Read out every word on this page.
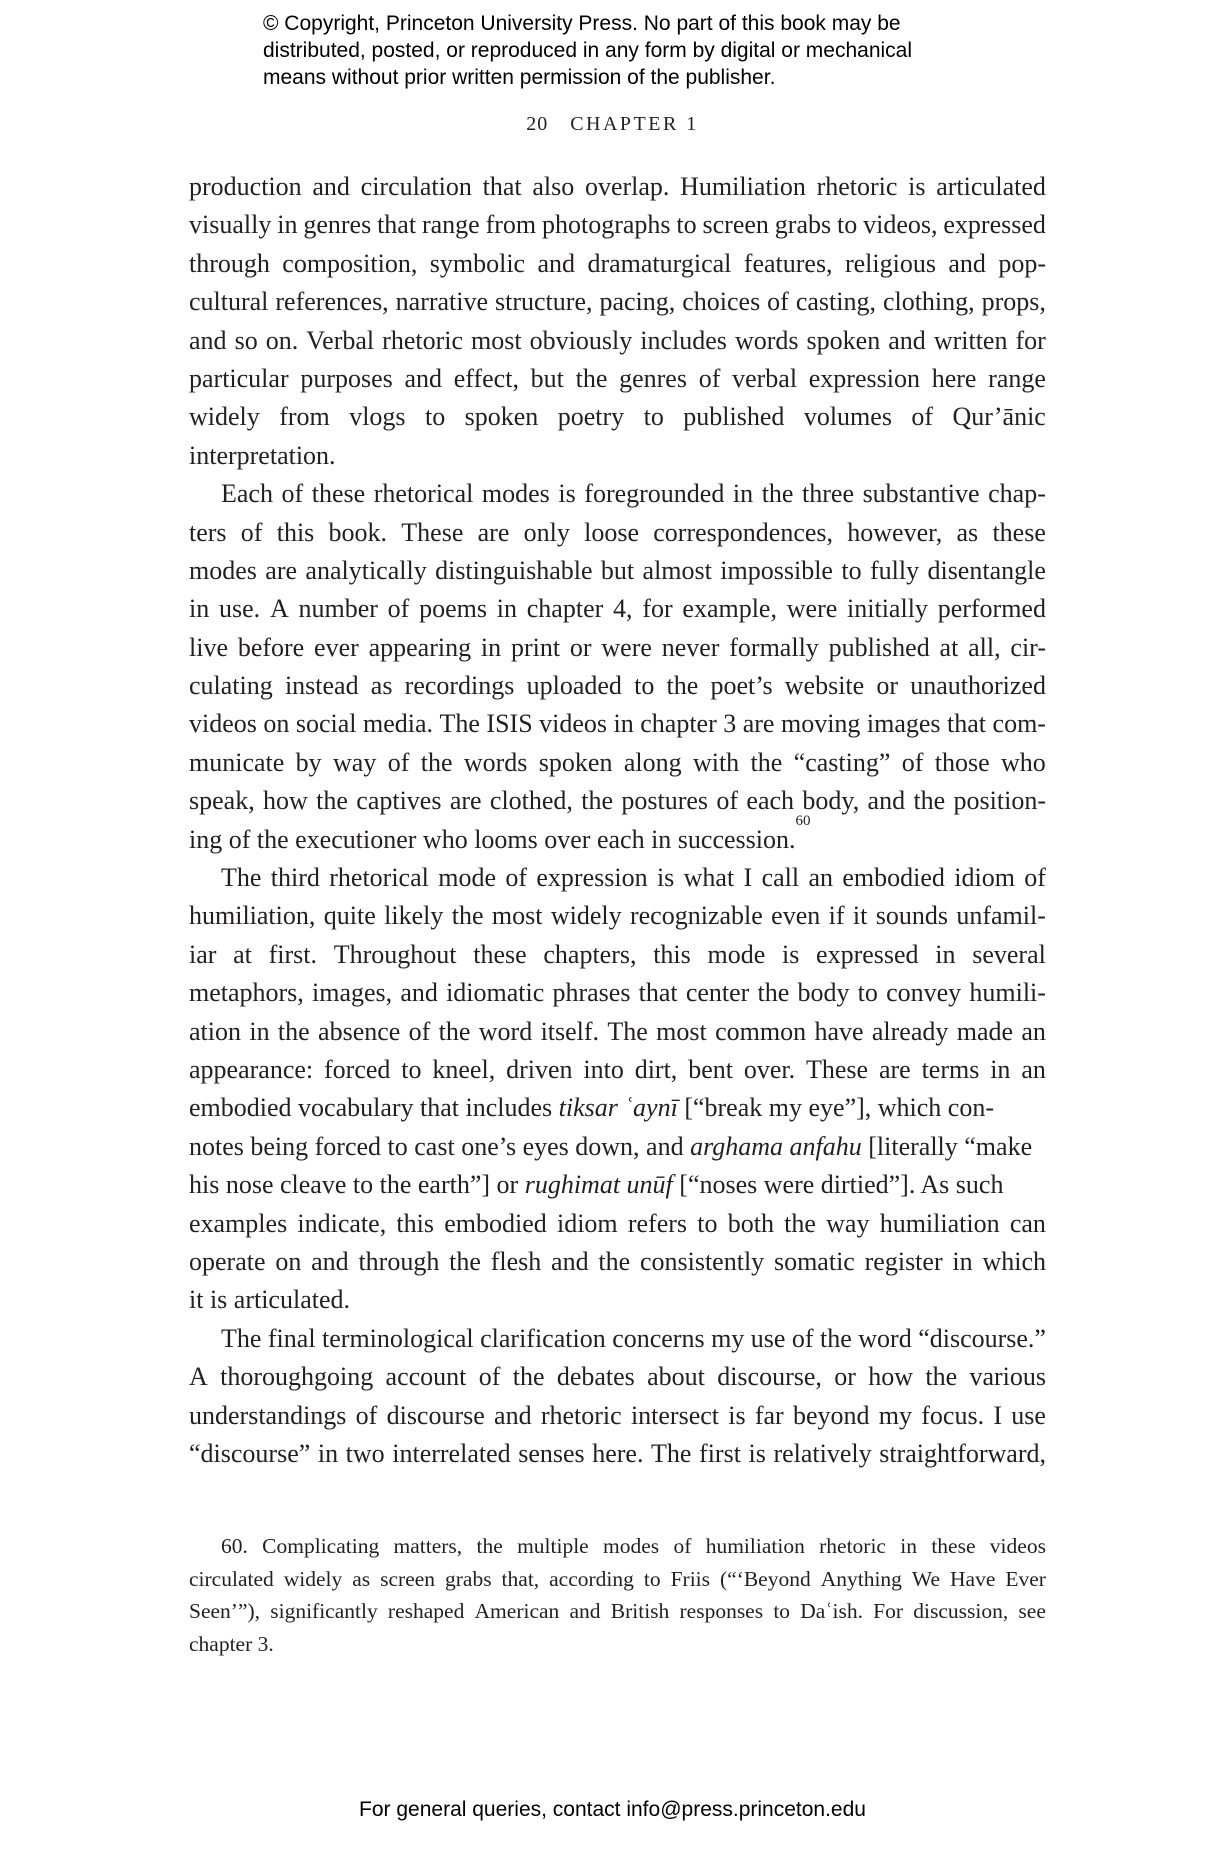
© Copyright, Princeton University Press. No part of this book may be
distributed, posted, or reproduced in any form by digital or mechanical
means without prior written permission of the publisher.
20 CHAPTER 1
production and circulation that also overlap. Humiliation rhetoric is articulated
visually in genres that range from photographs to screen grabs to videos, expressed
through composition, symbolic and dramaturgical features, religious and pop-
cultural references, narrative structure, pacing, choices of casting, clothing, props,
and so on. Verbal rhetoric most obviously includes words spoken and written for
particular purposes and effect, but the genres of verbal expression here range
widely from vlogs to spoken poetry to published volumes of Qur’ānic
interpretation.
Each of these rhetorical modes is foregrounded in the three substantive chap-
ters of this book. These are only loose correspondences, however, as these
modes are analytically distinguishable but almost impossible to fully disentangle
in use. A number of poems in chapter 4, for example, were initially performed
live before ever appearing in print or were never formally published at all, cir-
culating instead as recordings uploaded to the poet’s website or unauthorized
videos on social media. The ISIS videos in chapter 3 are moving images that com-
municate by way of the words spoken along with the “casting” of those who
speak, how the captives are clothed, the postures of each body, and the position-
ing of the executioner who looms over each in succession.
60
The third rhetorical mode of expression is what I call an embodied idiom of
humiliation, quite likely the most widely recognizable even if it sounds unfamil-
iar at first. Throughout these chapters, this mode is expressed in several
metaphors, images, and idiomatic phrases that center the body to convey humili-
ation in the absence of the word itself. The most common have already made an
appearance: forced to kneel, driven into dirt, bent over. These are terms in an
embodied vocabulary that includes tiksar ʿaynī [“break my eye”], which con-
notes being forced to cast one’s eyes down, and arghama anfahu [literally “make
his nose cleave to the earth”] or rughimat unūf [“noses were dirtied”]. As such
examples indicate, this embodied idiom refers to both the way humiliation can
operate on and through the flesh and the consistently somatic register in which
it is articulated.
The final terminological clarification concerns my use of the word “discourse.”
A thoroughgoing account of the debates about discourse, or how the various
understandings of discourse and rhetoric intersect is far beyond my focus. I use
“discourse” in two interrelated senses here. The first is relatively straightforward,
60. Complicating matters, the multiple modes of humiliation rhetoric in these videos
circulated widely as screen grabs that, according to Friis (“‘Beyond Anything We Have Ever
Seen’”), significantly reshaped American and British responses to Daʿish. For discussion, see
chapter 3.
For general queries, contact info@press.princeton.edu
